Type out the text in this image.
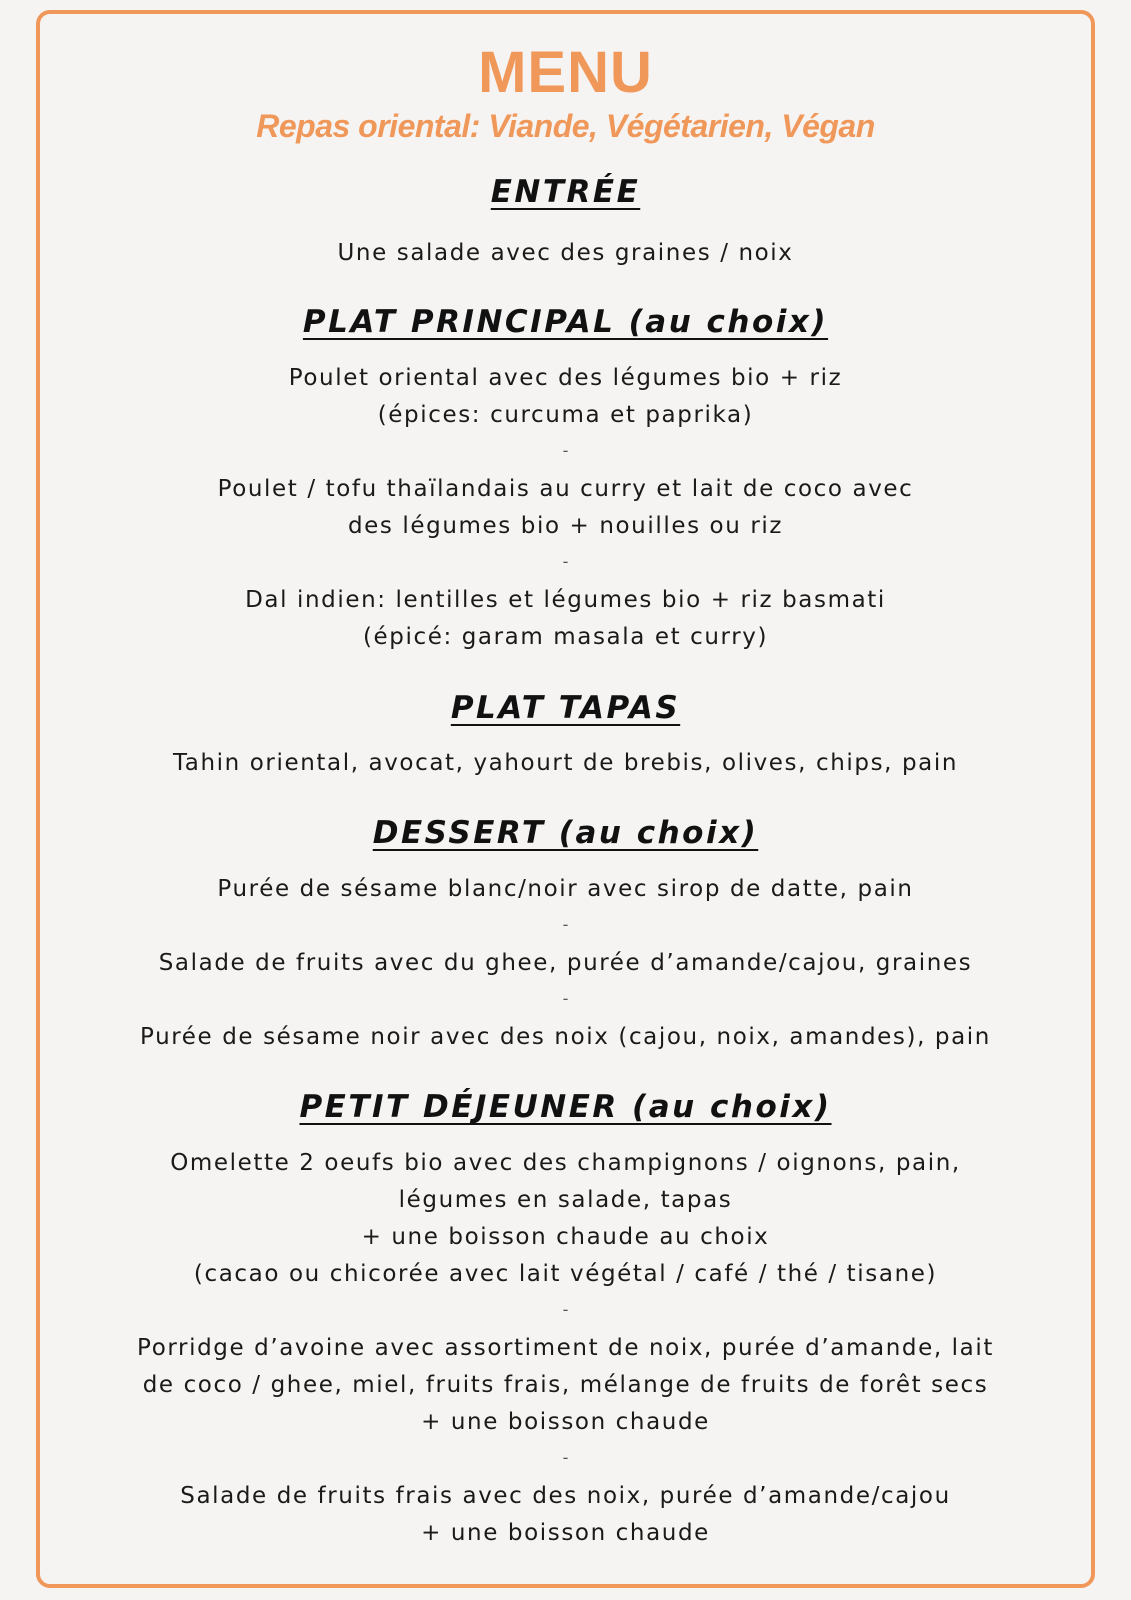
MENU
Repas oriental: Viande, Végétarien, Végan
ENTRÉE
Une salade avec des graines / noix
PLAT PRINCIPAL (au choix)
Poulet oriental avec des légumes bio + riz
(épices: curcuma et paprika)
-
Poulet / tofu thaïlandais au curry et lait de coco avec
des légumes bio + nouilles ou riz
-
Dal indien: lentilles et légumes bio + riz basmati
(épicé: garam masala et curry)
PLAT TAPAS
Tahin oriental, avocat, yahourt de brebis, olives, chips, pain
DESSERT (au choix)
Purée de sésame blanc/noir avec sirop de datte, pain
-
Salade de fruits avec du ghee, purée d’amande/cajou, graines
-
Purée de sésame noir avec des noix (cajou, noix, amandes), pain
PETIT DÉJEUNER (au choix)
Omelette 2 oeufs bio avec des champignons / oignons, pain,
légumes en salade, tapas
+ une boisson chaude au choix
(cacao ou chicorée avec lait végétal / café / thé / tisane)
-
Porridge d’avoine avec assortiment de noix, purée d’amande, lait
de coco / ghee, miel, fruits frais, mélange de fruits de forêt secs
+ une boisson chaude
-
Salade de fruits frais avec des noix, purée d’amande/cajou
+ une boisson chaude
